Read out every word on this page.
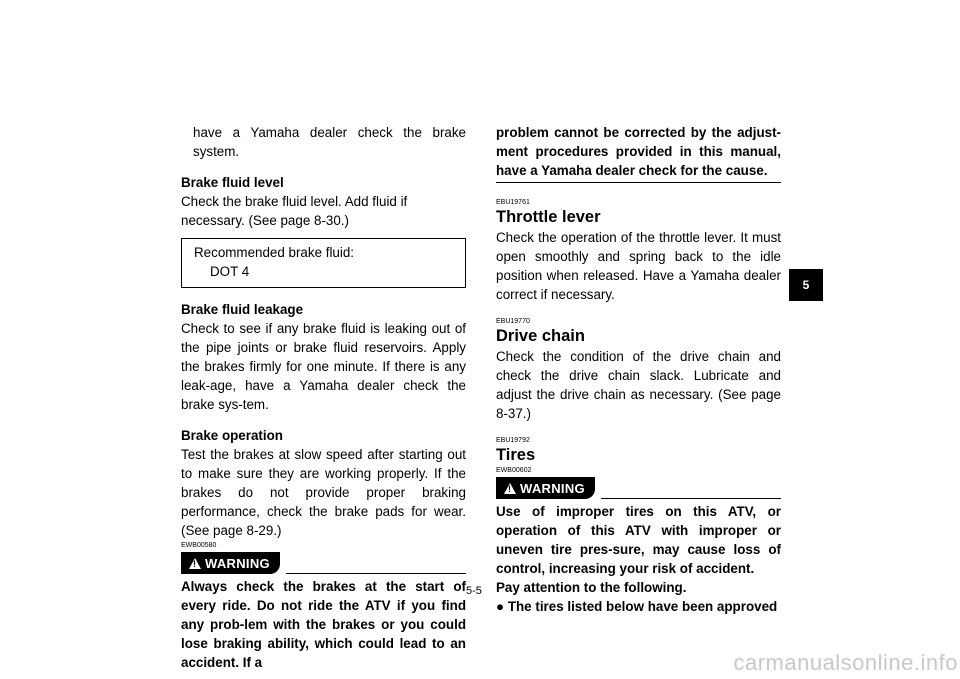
have a Yamaha dealer check the brake system.

Brake fluid level

Check the brake fluid level. Add fluid if necessary. (See page 8-30.)

Recommended brake fluid:
DOT 4

Brake fluid leakage

Check to see if any brake fluid is leaking out of the pipe joints or brake fluid reservoirs. Apply the brakes firmly for one minute. If there is any leak-age, have a Yamaha dealer check the brake sys-tem.

Brake operation

Test the brakes at slow speed after starting out to make sure they are working properly. If the brakes do not provide proper braking performance, check the brake pads for wear. (See page 8-29.)

EWB00580
! WARNING

Always check the brakes at the start of every ride. Do not ride the ATV if you find any prob-lem with the brakes or you could lose braking ability, which could lead to an accident. If a

problem cannot be corrected by the adjust-ment procedures provided in this manual, have a Yamaha dealer check for the cause.

EBU19761
Throttle lever

Check the operation of the throttle lever. It must open smoothly and spring back to the idle position when released. Have a Yamaha dealer correct if necessary.

EBU19770
Drive chain

Check the condition of the drive chain and check the drive chain slack. Lubricate and adjust the drive chain as necessary. (See page 8-37.)

EBU19792
Tires
EWB00602
! WARNING

Use of improper tires on this ATV, or operation of this ATV with improper or uneven tire pres-sure, may cause loss of control, increasing your risk of accident.

Pay attention to the following.

● The tires listed below have been approved

5
5-5
carmanualsonline.info
